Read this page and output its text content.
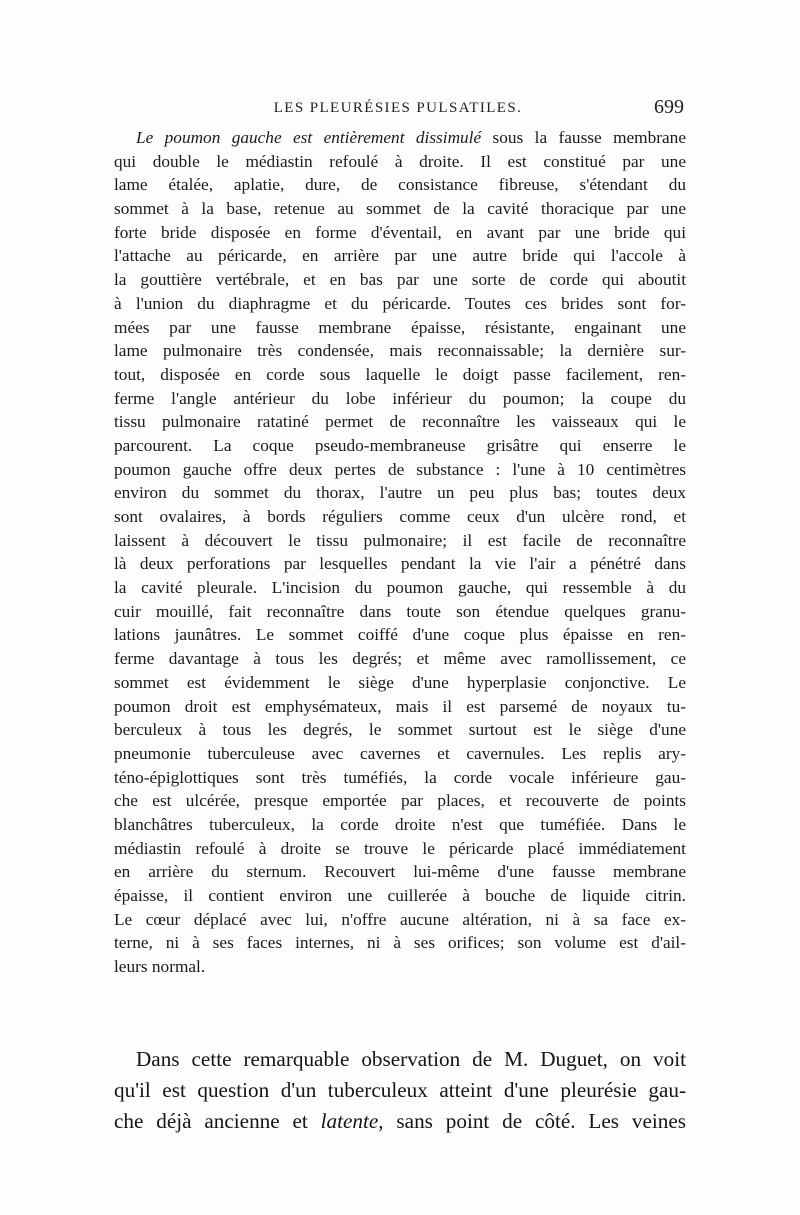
LES PLEURÉSIES PULSATILES.	699
Le poumon gauche est entièrement dissimulé sous la fausse membrane
qui double le médiastin refoulé à droite. Il est constitué par une
lame étalée, aplatie, dure, de consistance fibreuse, s'étendant du
sommet à la base, retenue au sommet de la cavité thoracique par une
forte bride disposée en forme d'éventail, en avant par une bride qui
l'attache au péricarde, en arrière par une autre bride qui l'accole à
la gouttière vertébrale, et en bas par une sorte de corde qui aboutit
à l'union du diaphragme et du péricarde. Toutes ces brides sont for-
mées par une fausse membrane épaisse, résistante, engainant une
lame pulmonaire très condensée, mais reconnaissable; la dernière sur-
tout, disposée en corde sous laquelle le doigt passe facilement, ren-
ferme l'angle antérieur du lobe inférieur du poumon; la coupe du
tissu pulmonaire ratatiné permet de reconnaître les vaisseaux qui le
parcourent. La coque pseudo-membraneuse grisâtre qui enserre le
poumon gauche offre deux pertes de substance : l'une à 10 centimètres
environ du sommet du thorax, l'autre un peu plus bas; toutes deux
sont ovalaires, à bords réguliers comme ceux d'un ulcère rond, et
laissent à découvert le tissu pulmonaire; il est facile de reconnaître
là deux perforations par lesquelles pendant la vie l'air a pénétré dans
la cavité pleurale. L'incision du poumon gauche, qui ressemble à du
cuir mouillé, fait reconnaître dans toute son étendue quelques granu-
lations jaunâtres. Le sommet coiffé d'une coque plus épaisse en ren-
ferme davantage à tous les degrés; et même avec ramollissement, ce
sommet est évidemment le siège d'une hyperplasie conjonctive. Le
poumon droit est emphysémateux, mais il est parsemé de noyaux tu-
berculeux à tous les degrés, le sommet surtout est le siège d'une
pneumonie tuberculeuse avec cavernes et cavernules. Les replis ary-
téno-épiglottiques sont très tuméfiés, la corde vocale inférieure gau-
che est ulcérée, presque emportée par places, et recouverte de points
blanchâtres tuberculeux, la corde droite n'est que tuméfiée. Dans le
médiastin refoulé à droite se trouve le péricarde placé immédiatement
en arrière du sternum. Recouvert lui-même d'une fausse membrane
épaisse, il contient environ une cuillerée à bouche de liquide citrin.
Le cœur déplacé avec lui, n'offre aucune altération, ni à sa face ex-
terne, ni à ses faces internes, ni à ses orifices; son volume est d'ail-
leurs normal.
Dans cette remarquable observation de M. Duguet, on voit
qu'il est question d'un tuberculeux atteint d'une pleurésie gau-
che déjà ancienne et latente, sans point de côté. Les veines
